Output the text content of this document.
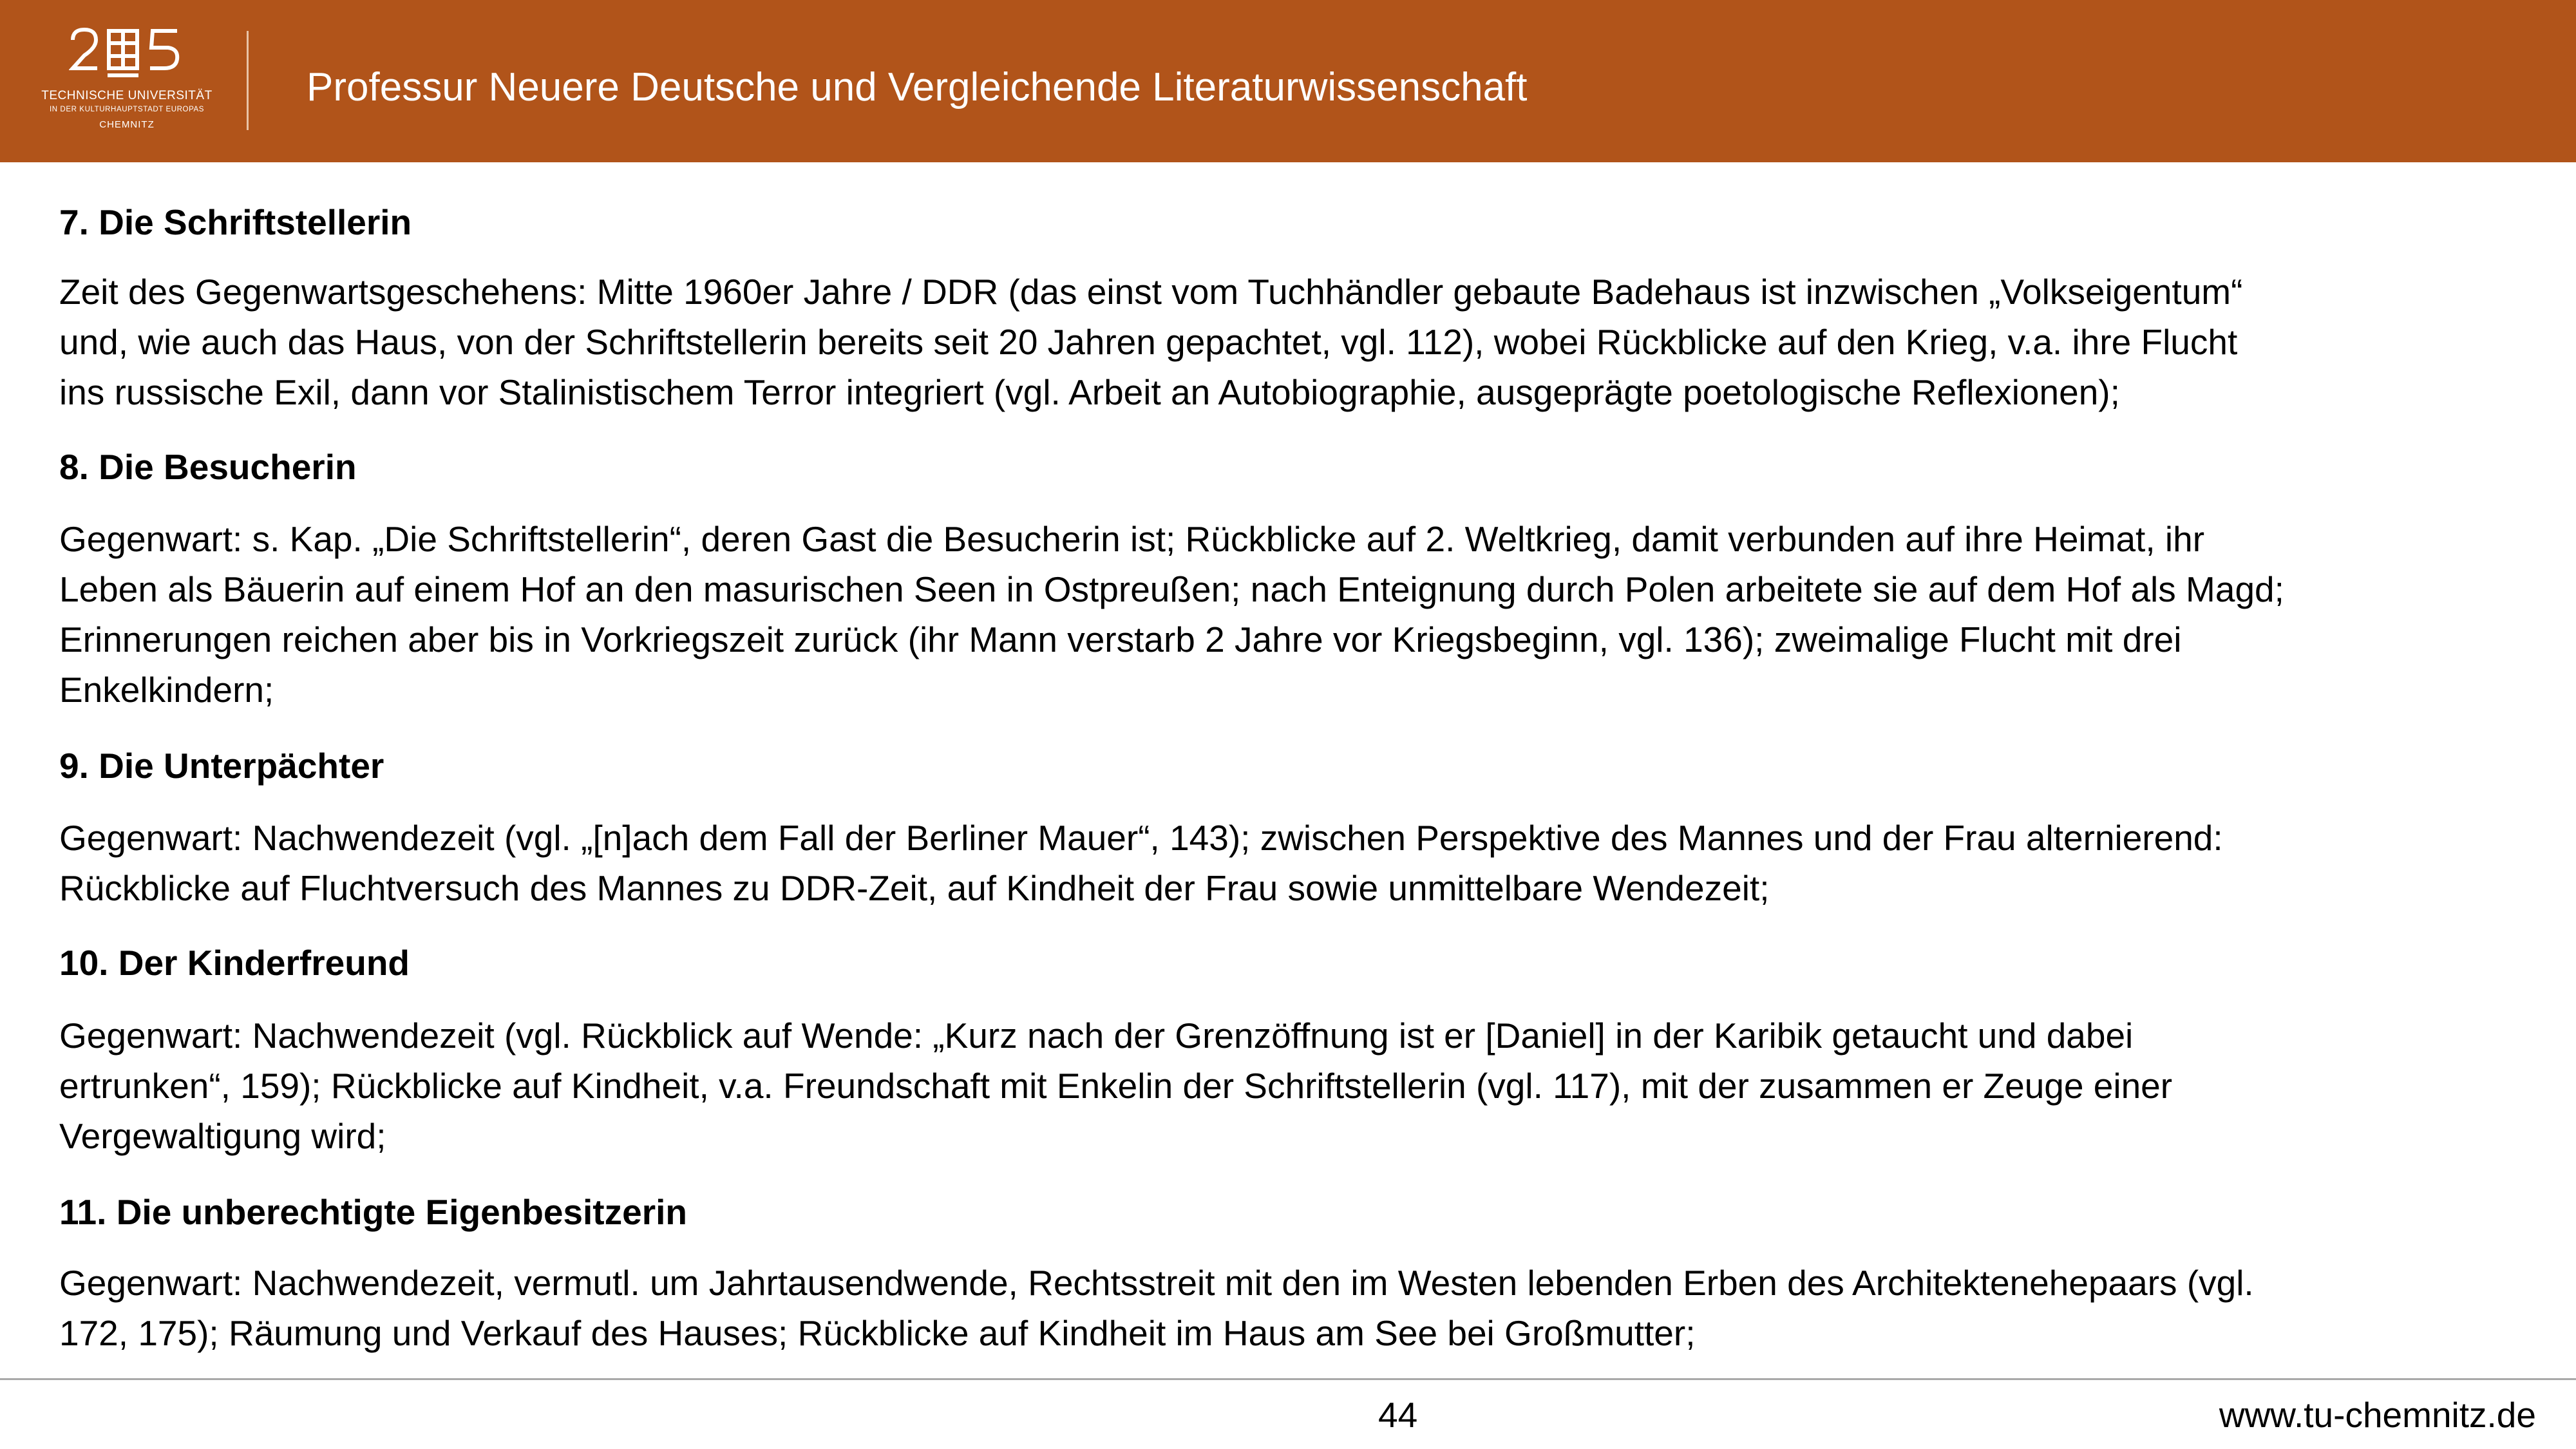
TECHNISCHE UNIVERSITÄT
IN DER KULTURHAUPTSTADT EUROPAS
CHEMNITZ
Professur Neuere Deutsche und Vergleichende Literaturwissenschaft
7. Die Schriftstellerin
Zeit des Gegenwartsgeschehens: Mitte 1960er Jahre / DDR (das einst vom Tuchhändler gebaute Badehaus ist inzwischen „Volkseigentum“
und, wie auch das Haus, von der Schriftstellerin bereits seit 20 Jahren gepachtet, vgl. 112), wobei Rückblicke auf den Krieg, v.a. ihre Flucht
ins russische Exil, dann vor Stalinistischem Terror integriert (vgl. Arbeit an Autobiographie, ausgeprägte poetologische Reflexionen);
8. Die Besucherin
Gegenwart: s. Kap. „Die Schriftstellerin“, deren Gast die Besucherin ist; Rückblicke auf 2. Weltkrieg, damit verbunden auf ihre Heimat, ihr
Leben als Bäuerin auf einem Hof an den masurischen Seen in Ostpreußen; nach Enteignung durch Polen arbeitete sie auf dem Hof als Magd;
Erinnerungen reichen aber bis in Vorkriegszeit zurück (ihr Mann verstarb 2 Jahre vor Kriegsbeginn, vgl. 136); zweimalige Flucht mit drei
Enkelkindern;
9. Die Unterpächter
Gegenwart: Nachwendezeit (vgl. „[n]ach dem Fall der Berliner Mauer“, 143); zwischen Perspektive des Mannes und der Frau alternierend:
Rückblicke auf Fluchtversuch des Mannes zu DDR-Zeit, auf Kindheit der Frau sowie unmittelbare Wendezeit;
10. Der Kinderfreund
Gegenwart: Nachwendezeit (vgl. Rückblick auf Wende: „Kurz nach der Grenzöffnung ist er [Daniel] in der Karibik getaucht und dabei
ertrunken“, 159); Rückblicke auf Kindheit, v.a. Freundschaft mit Enkelin der Schriftstellerin (vgl. 117), mit der zusammen er Zeuge einer
Vergewaltigung wird;
11. Die unberechtigte Eigenbesitzerin
Gegenwart: Nachwendezeit, vermutl. um Jahrtausendwende, Rechtsstreit mit den im Westen lebenden Erben des Architektenehepaars (vgl.
172, 175); Räumung und Verkauf des Hauses; Rückblicke auf Kindheit im Haus am See bei Großmutter;
44	www.tu-chemnitz.de
